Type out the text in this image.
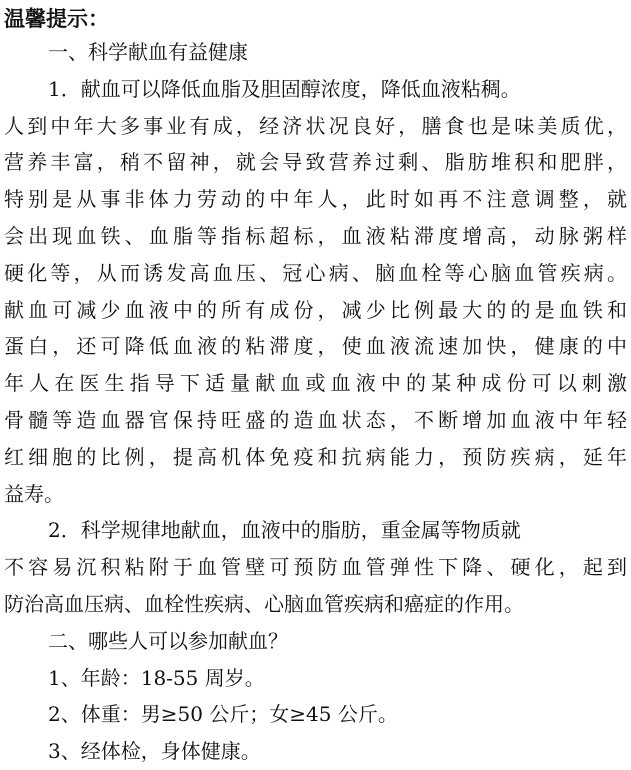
温馨提示：
一、科学献血有益健康
1．献血可以降低血脂及胆固醇浓度，降低血液粘稠。
人到中年大多事业有成，经济状况良好，膳食也是味美质优，
营养丰富，稍不留神，就会导致营养过剩、脂肪堆积和肥胖，
特别是从事非体力劳动的中年人，此时如再不注意调整，就
会出现血铁、血脂等指标超标，血液粘滞度增高，动脉粥样
硬化等，从而诱发高血压、冠心病、脑血栓等心脑血管疾病。
献血可减少血液中的所有成份，减少比例最大的的是血铁和
蛋白，还可降低血液的粘滞度，使血液流速加快，健康的中
年人在医生指导下适量献血或血液中的某种成份可以刺激
骨髓等造血器官保持旺盛的造血状态，不断增加血液中年轻
红细胞的比例，提高机体免疫和抗病能力，预防疾病，延年
益寿。
2．科学规律地献血，血液中的脂肪，重金属等物质就
不容易沉积粘附于血管壁可预防血管弹性下降、硬化，起到
防治高血压病、血栓性疾病、心脑血管疾病和癌症的作用。
二、哪些人可以参加献血？
1、年龄：18-55 周岁。
2、体重：男≥50 公斤；女≥45 公斤。
3、经体检，身体健康。
